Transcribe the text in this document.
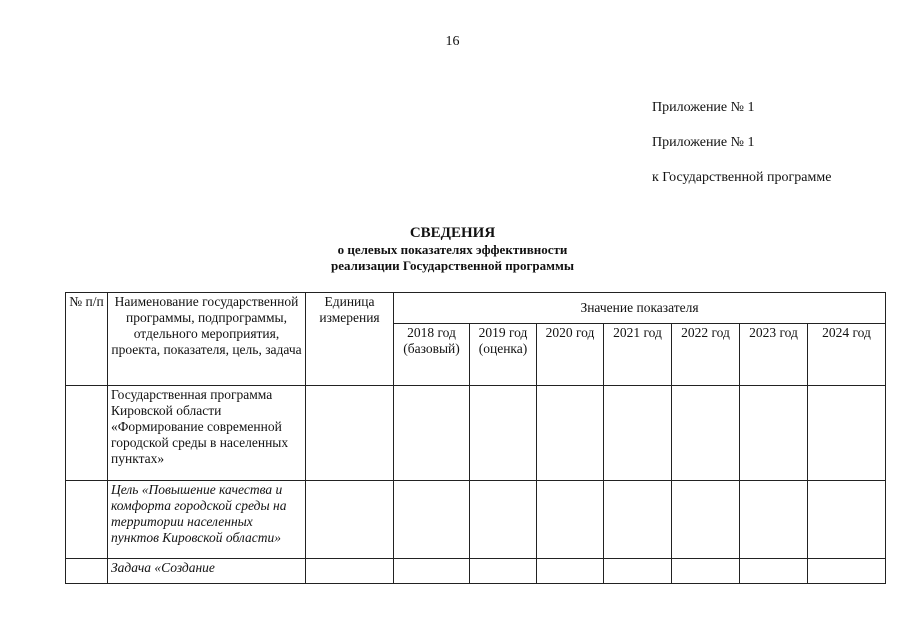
16
Приложение № 1
Приложение № 1
к Государственной программе
СВЕДЕНИЯ
о целевых показателях эффективности
реализации Государственной программы
№ п/п	Наименование государственной программы, подпрограммы, отдельного мероприятия, проекта, показателя, цель, задача	Единица измерения	Значение показателя						
			2018 год (базовый)	2019 год (оценка)	2020 год	2021 год	2022 год	2023 год	2024 год

	Государственная программа Кировской области «Формирование современной городской среды в населенных пунктах»								

	Цель «Повышение качества и комфорта городской среды на территории населенных пунктов Кировской области»								

	Задача «Создание								
